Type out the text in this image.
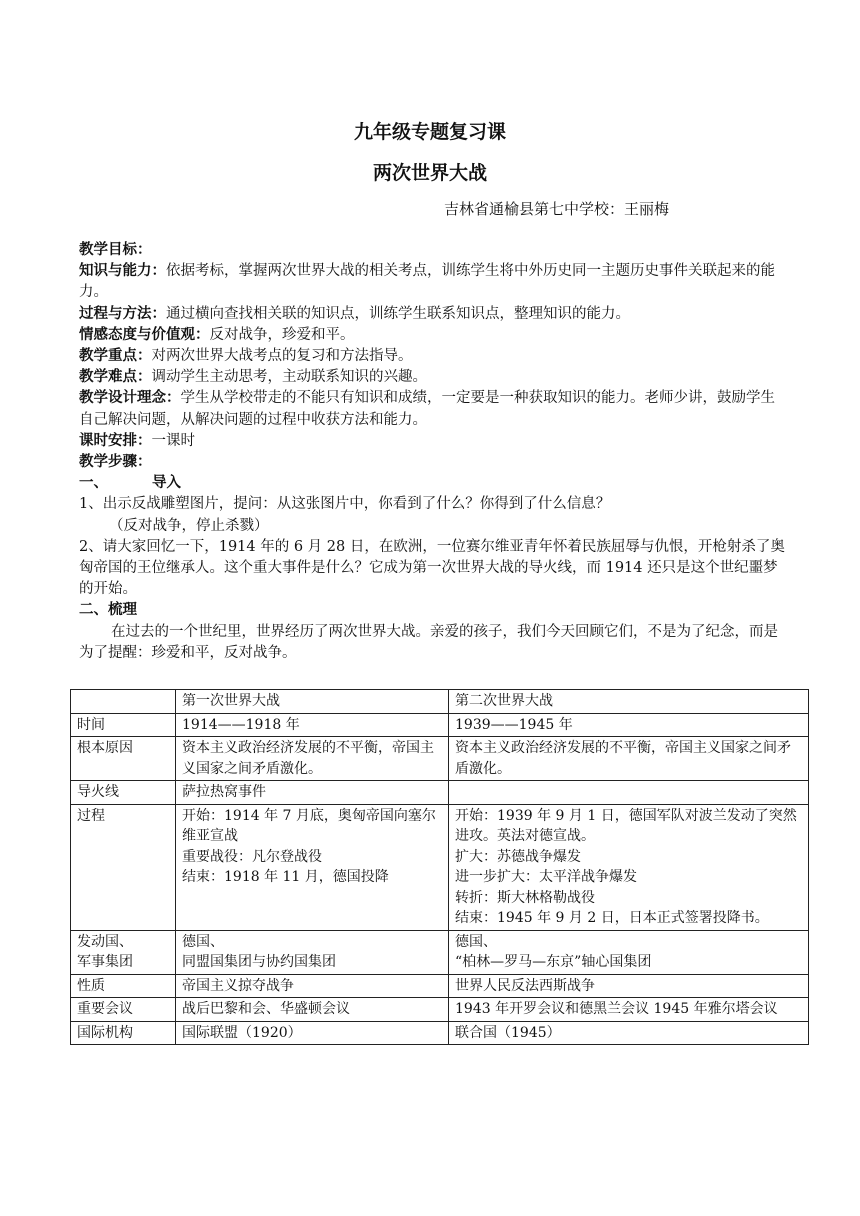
九年级专题复习课
两次世界大战
吉林省通榆县第七中学校：王丽梅

教学目标：

知识与能力：依据考标，掌握两次世界大战的相关考点，训练学生将中外历史同一主题历史事件关联起来的能力。

过程与方法：通过横向查找相关联的知识点，训练学生联系知识点，整理知识的能力。

情感态度与价值观：反对战争，珍爱和平。

教学重点：对两次世界大战考点的复习和方法指导。

教学难点：调动学生主动思考，主动联系知识的兴趣。

教学设计理念：学生从学校带走的不能只有知识和成绩，一定要是一种获取知识的能力。老师少讲，鼓励学生自己解决问题，从解决问题的过程中收获方法和能力。

课时安排：一课时

教学步骤：

一、	导入

1、出示反战雕塑图片，提问：从这张图片中，你看到了什么？你得到了什么信息？

（反对战争，停止杀戮）

2、请大家回忆一下，1914 年的 6 月 28 日，在欧洲，一位赛尔维亚青年怀着民族屈辱与仇恨，开枪射杀了奥匈帝国的王位继承人。这个重大事件是什么？它成为第一次世界大战的导火线，而 1914 还只是这个世纪噩梦的开始。

二、梳理

在过去的一个世纪里，世界经历了两次世界大战。亲爱的孩子，我们今天回顾它们，不是为了纪念，而是为了提醒：珍爱和平，反对战争。

	第一次世界大战	第二次世界大战

时间	1914——1918 年	1939——1945 年

根本原因	资本主义政治经济发展的不平衡，帝国主义国家之间矛盾激化。	资本主义政治经济发展的不平衡，帝国主义国家之间矛盾激化。

导火线	萨拉热窝事件	

过程	开始：1914 年 7 月底，奥匈帝国向塞尔维亚宣战
重要战役：凡尔登战役
结束：1918 年 11 月，德国投降	开始：1939 年 9 月 1 日，德国军队对波兰发动了突然进攻。英法对德宣战。
扩大：苏德战争爆发
进一步扩大：太平洋战争爆发
转折：斯大林格勒战役
结束：1945 年 9 月 2 日，日本正式签署投降书。

发动国、
军事集团	德国、
同盟国集团与协约国集团	德国、
“柏林—罗马—东京”轴心国集团

性质	帝国主义掠夺战争	世界人民反法西斯战争

重要会议	战后巴黎和会、华盛顿会议	1943 年开罗会议和德黑兰会议 1945 年雅尔塔会议

国际机构	国际联盟（1920）	联合国（1945）
